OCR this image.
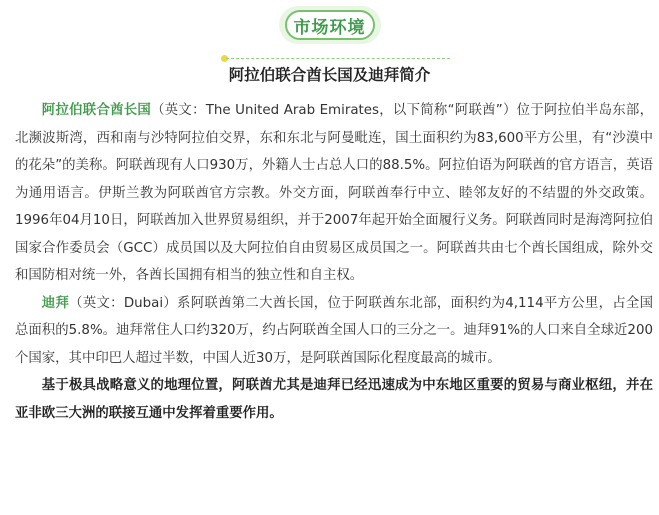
市场环境
阿拉伯联合酋长国及迪拜简介

阿拉伯联合酋长国（英文：The United Arab Emirates，以下简称“阿联酋”）位于阿拉伯半岛东部，北濒波斯湾，西和南与沙特阿拉伯交界，东和东北与阿曼毗连，国土面积约为83,600平方公里，有“沙漠中的花朵”的美称。阿联酋现有人口930万，外籍人士占总人口的88.5%。阿拉伯语为阿联酋的官方语言，英语为通用语言。伊斯兰教为阿联酋官方宗教。外交方面，阿联酋奉行中立、睦邻友好的不结盟的外交政策。1996年04月10日，阿联酋加入世界贸易组织，并于2007年起开始全面履行义务。阿联酋同时是海湾阿拉伯国家合作委员会（GCC）成员国以及大阿拉伯自由贸易区成员国之一。阿联酋共由七个酋长国组成，除外交和国防相对统一外，各酋长国拥有相当的独立性和自主权。

迪拜（英文：Dubai）系阿联酋第二大酋长国，位于阿联酋东北部，面积约为4,114平方公里，占全国总面积的5.8%。迪拜常住人口约320万，约占阿联酋全国人口的三分之一。迪拜91%的人口来自全球近200个国家，其中印巴人超过半数，中国人近30万，是阿联酋国际化程度最高的城市。

基于极具战略意义的地理位置，阿联酋尤其是迪拜已经迅速成为中东地区重要的贸易与商业枢纽，并在亚非欧三大洲的联接互通中发挥着重要作用。
